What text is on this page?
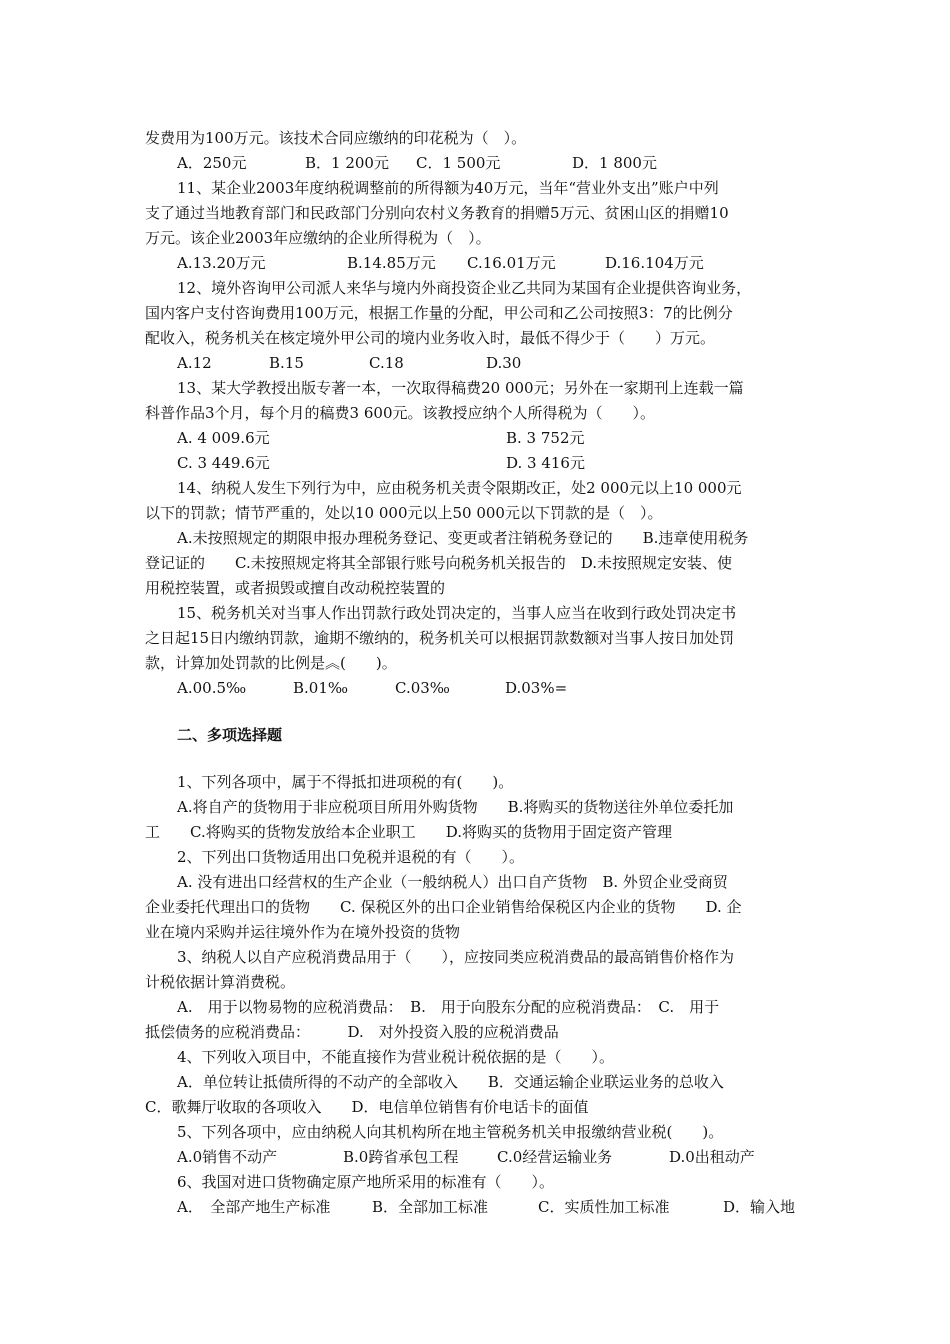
发费用为100万元。该技术合同应缴纳的印花税为（　）。
A．250元	B．1 200元 C．1 500元	D．1 800元
11、某企业2003年度纳税调整前的所得额为40万元，当年“营业外支出”账户中列
支了通过当地教育部门和民政部门分别向农村义务教育的捐赠5万元、贫困山区的捐赠10
万元。该企业2003年应缴纳的企业所得税为（　）。
A.13.20万元	B.14.85万元 C.16.01万元	D.16.104万元
12、境外咨询甲公司派人来华与境内外商投资企业乙共同为某国有企业提供咨询业务，
国内客户支付咨询费用100万元，根据工作量的分配，甲公司和乙公司按照3：7的比例分
配收入，税务机关在核定境外甲公司的境内业务收入时，最低不得少于（　　）万元。
A.12	B.15	C.18	D.30
13、某大学教授出版专著一本，一次取得稿费20 000元；另外在一家期刊上连载一篇
科普作品3个月，每个月的稿费3 600元。该教授应纳个人所得税为（　　）。
A. 4 009.6元	B. 3 752元
C. 3 449.6元	D. 3 416元
14、纳税人发生下列行为中，应由税务机关责令限期改正，处2 000元以上10 000元
以下的罚款；情节严重的，处以10 000元以上50 000元以下罚款的是（　）。
A.未按照规定的期限申报办理税务登记、变更或者注销税务登记的　　B.违章使用税务
登记证的　　C.未按照规定将其全部银行账号向税务机关报告的　D.未按照规定安装、使
用税控装置，或者损毁或擅自改动税控装置的
15、税务机关对当事人作出罚款行政处罚决定的，当事人应当在收到行政处罚决定书
之日起15日内缴纳罚款，逾期不缴纳的，税务机关可以根据罚款数额对当事人按日加处罚
款，计算加处罚款的比例是︽(　　)。
A.00.5‰	B.01‰	C.03‰	D.03%=
二、多项选择题
1、下列各项中，属于不得抵扣进项税的有(　　)。
A.将自产的货物用于非应税项目所用外购货物　　B.将购买的货物送往外单位委托加
工　　C.将购买的货物发放给本企业职工　　D.将购买的货物用于固定资产管理
2、下列出口货物适用出口免税并退税的有（　　）。
A. 没有进出口经营权的生产企业（一般纳税人）出口自产货物　B. 外贸企业受商贸
企业委托代理出口的货物　　C. 保税区外的出口企业销售给保税区内企业的货物　　D. 企
业在境内采购并运往境外作为在境外投资的货物
3、纳税人以自产应税消费品用于（　　），应按同类应税消费品的最高销售价格作为
计税依据计算消费税。
A.　用于以物易物的应税消费品：　B.　用于向股东分配的应税消费品：　C.　用于
抵偿债务的应税消费品：　　　D.　对外投资入股的应税消费品
4、下列收入项目中，不能直接作为营业税计税依据的是（　　）。
A．单位转让抵债所得的不动产的全部收入　　B．交通运输企业联运业务的总收入
C．歌舞厅收取的各项收入　　D．电信单位销售有价电话卡的面值
5、下列各项中，应由纳税人向其机构所在地主管税务机关申报缴纳营业税(　　)。
A.0销售不动产	B.0跨省承包工程	C.0经营运输业务	D.0出租动产
6、我国对进口货物确定原产地所采用的标准有（　　）。
A．　全部产地生产标准	B．全部加工标准	C．实质性加工标准	D．输入地
